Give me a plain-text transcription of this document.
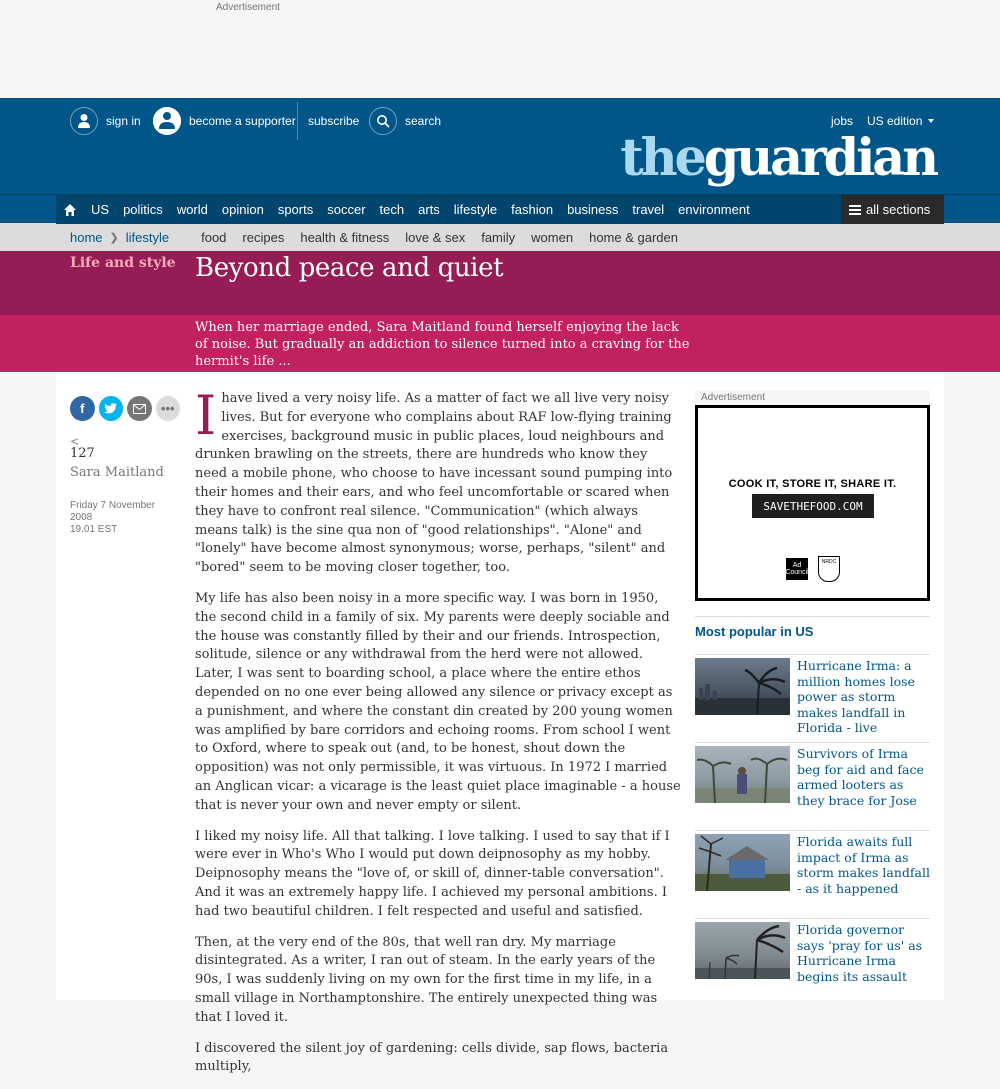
Advertisement
sign in	become a supporter subscribe	search	jobs US edition
theguardian
US	politics	world	opinion	sports	soccer	tech	arts	lifestyle	fashion	business	travel	environment	all sections
home ❯ lifestyle food recipes health & fitness love & sex family women home & garden
Life and style Beyond peace and quiet

When her marriage ended, Sara Maitland found herself enjoying the lack of noise. But gradually an addiction to silence turned into a craving for the hermit's life ...

f	•••
<
127
Sara Maitland
Friday 7 November 2008
19.01 EST

I have lived a very noisy life. As a matter of fact we all live very noisy lives. But for everyone who complains about RAF low-flying training exercises, background music in public places, loud neighbours and drunken brawling on the streets, there are hundreds who know they need a mobile phone, who choose to have incessant sound pumping into their homes and their ears, and who feel uncomfortable or scared when they have to confront real silence. "Communication" (which always means talk) is the sine qua non of "good relationships". "Alone" and "lonely" have become almost synonymous; worse, perhaps, "silent" and "bored" seem to be moving closer together, too.

My life has also been noisy in a more specific way. I was born in 1950, the second child in a family of six. My parents were deeply sociable and the house was constantly filled by their and our friends. Introspection, solitude, silence or any withdrawal from the herd were not allowed. Later, I was sent to boarding school, a place where the entire ethos depended on no one ever being allowed any silence or privacy except as a punishment, and where the constant din created by 200 young women was amplified by bare corridors and echoing rooms. From school I went to Oxford, where to speak out (and, to be honest, shout down the opposition) was not only permissible, it was virtuous. In 1972 I married an Anglican vicar: a vicarage is the least quiet place imaginable - a house that is never your own and never empty or silent.

I liked my noisy life. All that talking. I love talking. I used to say that if I were ever in Who's Who I would put down deipnosophy as my hobby. Deipnosophy means the "love of, or skill of, dinner-table conversation". And it was an extremely happy life. I achieved my personal ambitions. I had two beautiful children. I felt respected and useful and satisfied.

Then, at the very end of the 80s, that well ran dry. My marriage disintegrated. As a writer, I ran out of steam. In the early years of the 90s, I was suddenly living on my own for the first time in my life, in a small village in Northamptonshire. The entirely unexpected thing was that I loved it.

I discovered the silent joy of gardening: cells divide, sap flows, bacteria multiply,

Advertisement
COOK IT, STORE IT, SHARE IT.
SAVETHEFOOD.COM
Ad Council
NRDC
Most popular in US
Hurricane Irma: a million homes lose power as storm makes landfall in Florida - live
Survivors of Irma beg for aid and face armed looters as they brace for Jose
Florida awaits full impact of Irma as storm makes landfall - as it happened
Florida governor says 'pray for us' as Hurricane Irma begins its assault
